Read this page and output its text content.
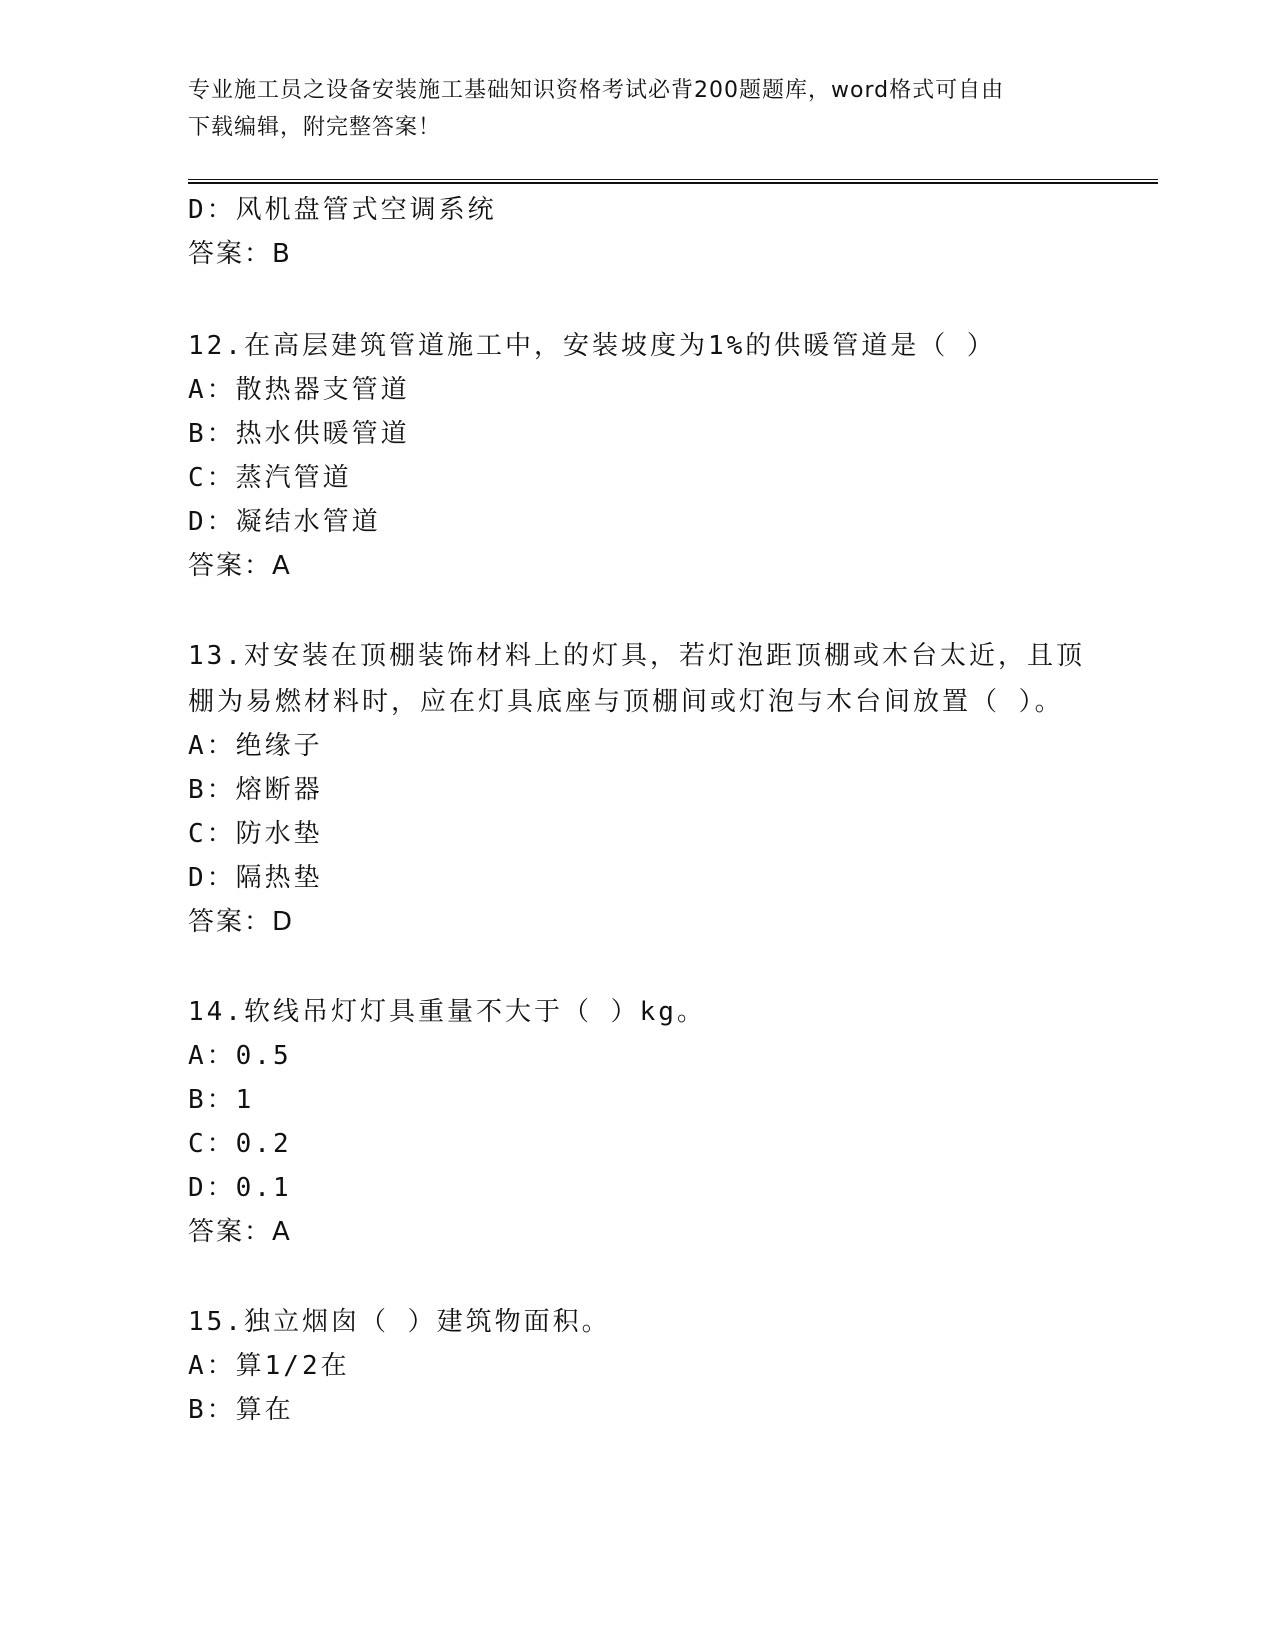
专业施工员之设备安装施工基础知识资格考试必背200题题库，word格式可自由
下载编辑，附完整答案！
D：风机盘管式空调系统
答案：B
12.在高层建筑管道施工中，安装坡度为1%的供暖管道是（ ）
A：散热器支管道
B：热水供暖管道
C：蒸汽管道
D：凝结水管道
答案：A
13.对安装在顶棚装饰材料上的灯具，若灯泡距顶棚或木台太近，且顶
棚为易燃材料时，应在灯具底座与顶棚间或灯泡与木台间放置（ ）。
A：绝缘子
B：熔断器
C：防水垫
D：隔热垫
答案：D
14.软线吊灯灯具重量不大于（ ）kg。
A：0.5
B：1
C：0.2
D：0.1
答案：A
15.独立烟囱（ ）建筑物面积。
A：算1/2在
B：算在
